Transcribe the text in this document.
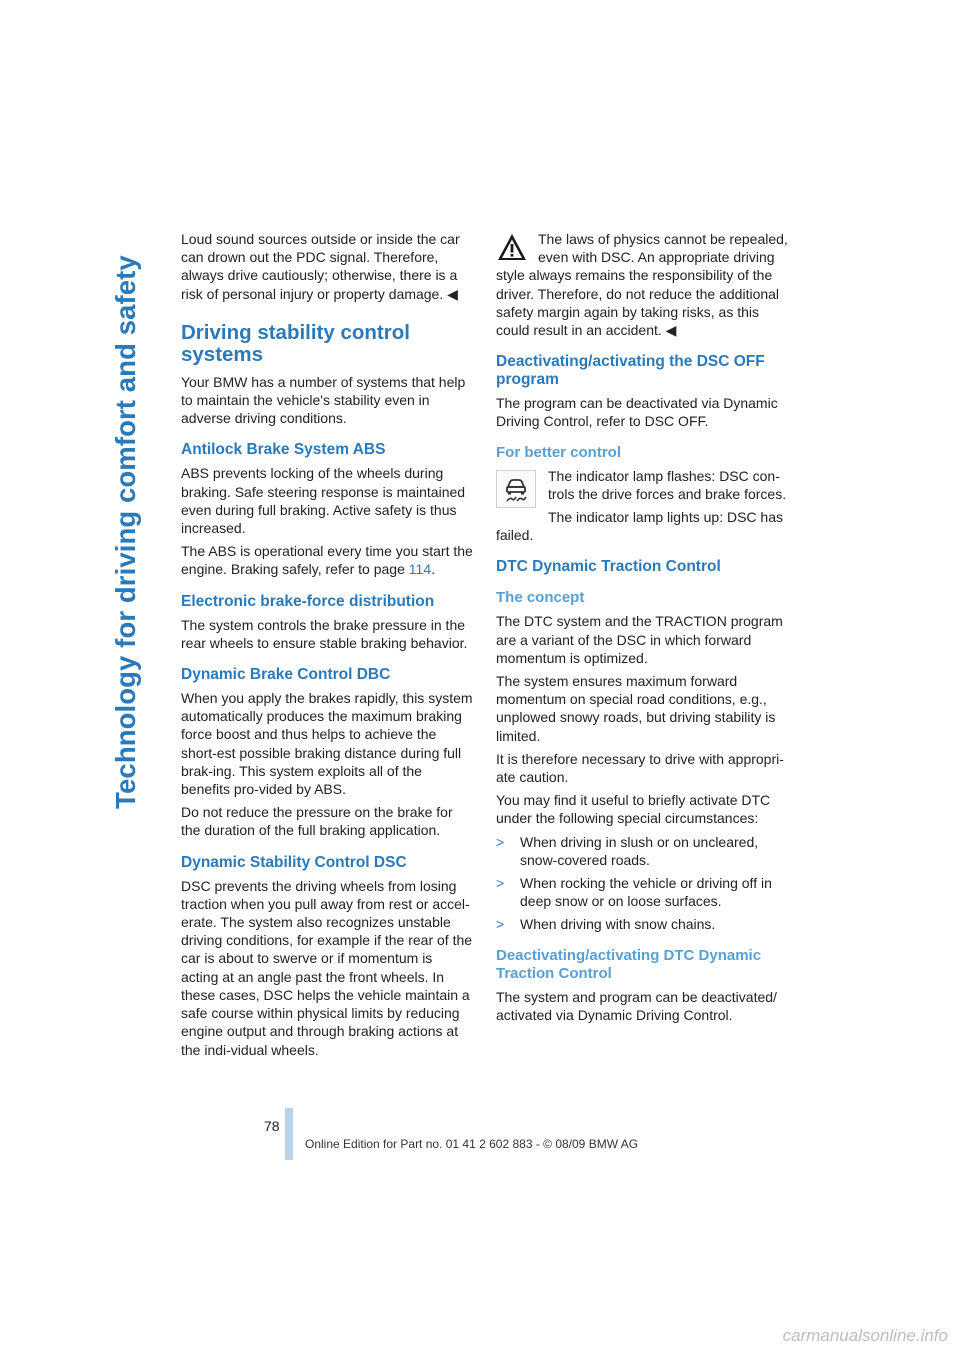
Technology for driving comfort and safety

Loud sound sources outside or inside the car can drown out the PDC signal. Therefore, always drive cautiously; otherwise, there is a risk of personal injury or property damage. ◀

Driving stability control systems

Your BMW has a number of systems that help to maintain the vehicle's stability even in adverse driving conditions.

Antilock Brake System ABS

ABS prevents locking of the wheels during braking. Safe steering response is maintained even during full braking. Active safety is thus increased.

The ABS is operational every time you start the engine. Braking safely, refer to page 114.

Electronic brake-force distribution

The system controls the brake pressure in the rear wheels to ensure stable braking behavior.

Dynamic Brake Control DBC

When you apply the brakes rapidly, this system automatically produces the maximum braking force boost and thus helps to achieve the short-est possible braking distance during full brak-ing. This system exploits all of the benefits pro-vided by ABS.

Do not reduce the pressure on the brake for the duration of the full braking application.

Dynamic Stability Control DSC

DSC prevents the driving wheels from losing traction when you pull away from rest or accel-erate. The system also recognizes unstable driving conditions, for example if the rear of the car is about to swerve or if momentum is acting at an angle past the front wheels. In these cases, DSC helps the vehicle maintain a safe course within physical limits by reducing engine output and through braking actions at the indi-vidual wheels.

The laws of physics cannot be repealed, even with DSC. An appropriate driving style always remains the responsibility of the driver. Therefore, do not reduce the additional safety margin again by taking risks, as this could result in an accident. ◀

Deactivating/activating the DSC OFF program

The program can be deactivated via Dynamic Driving Control, refer to DSC OFF.

For better control

The indicator lamp flashes: DSC con-trols the drive forces and brake forces.

The indicator lamp lights up: DSC has failed.

DTC Dynamic Traction Control
The concept

The DTC system and the TRACTION program are a variant of the DSC in which forward momentum is optimized.

The system ensures maximum forward momentum on special road conditions, e.g., unplowed snowy roads, but driving stability is limited.

It is therefore necessary to drive with appropri-ate caution.

You may find it useful to briefly activate DTC under the following special circumstances:

> When driving in slush or on uncleared, snow-covered roads.
> When rocking the vehicle or driving off in deep snow or on loose surfaces.
> When driving with snow chains.
Deactivating/activating DTC Dynamic Traction Control

The system and program can be deactivated/ activated via Dynamic Driving Control.

78
Online Edition for Part no. 01 41 2 602 883 - © 08/09 BMW AG
carmanualsonline.info
